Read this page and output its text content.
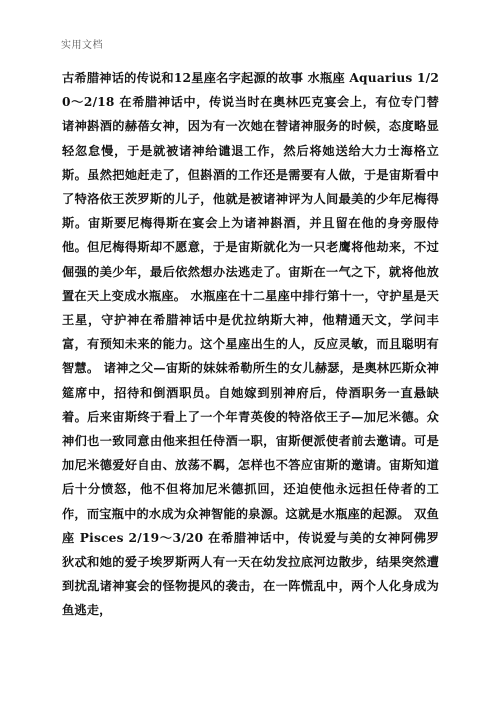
实用文档

古希腊神话的传说和12星座名字起源的故事 水瓶座 Aquarius 1/20～2/18 在希腊神话中，传说当时在奥林匹克宴会上，有位专门替诸神斟酒的赫蓓女神，因为有一次她在替诸神服务的时候，态度略显轻忽怠慢，于是就被诸神给谴退工作，然后将她送给大力士海格立斯。虽然把她赶走了，但斟酒的工作还是需要有人做，于是宙斯看中了特洛依王茨罗斯的儿子，他就是被诸神评为人间最美的少年尼梅得斯。宙斯要尼梅得斯在宴会上为诸神斟酒，并且留在他的身旁服侍他。但尼梅得斯却不愿意，于是宙斯就化为一只老鹰将他劫来，不过倔强的美少年，最后依然想办法逃走了。宙斯在一气之下，就将他放置在天上变成水瓶座。 水瓶座在十二星座中排行第十一，守护星是天王星，守护神在希腊神话中是优拉纳斯大神，他精通天文，学问丰富，有预知未来的能力。这个星座出生的人，反应灵敏，而且聪明有智慧。 诸神之父—宙斯的妹妹希勒所生的女儿赫瑟，是奥林匹斯众神筵席中，招待和倒酒职员。自她嫁到别神府后，侍酒职务一直悬缺着。后来宙斯终于看上了一个年青英俊的特洛依王子—加尼米德。众神们也一致同意由他来担任侍酒一职，宙斯便派使者前去邀请。可是加尼米德爱好自由、放荡不羁，怎样也不答应宙斯的邀请。宙斯知道后十分愤怒，他不但将加尼米德抓回，还迫使他永远担任侍者的工作，而宝瓶中的水成为众神智能的泉源。这就是水瓶座的起源。 双鱼座 Pisces 2/19～3/20 在希腊神话中，传说爱与美的女神阿佛罗狄忒和她的爱子埃罗斯两人有一天在幼发拉底河边散步，结果突然遭到扰乱诸神宴会的怪物提风的袭击，在一阵慌乱中，两个人化身成为鱼逃走，
